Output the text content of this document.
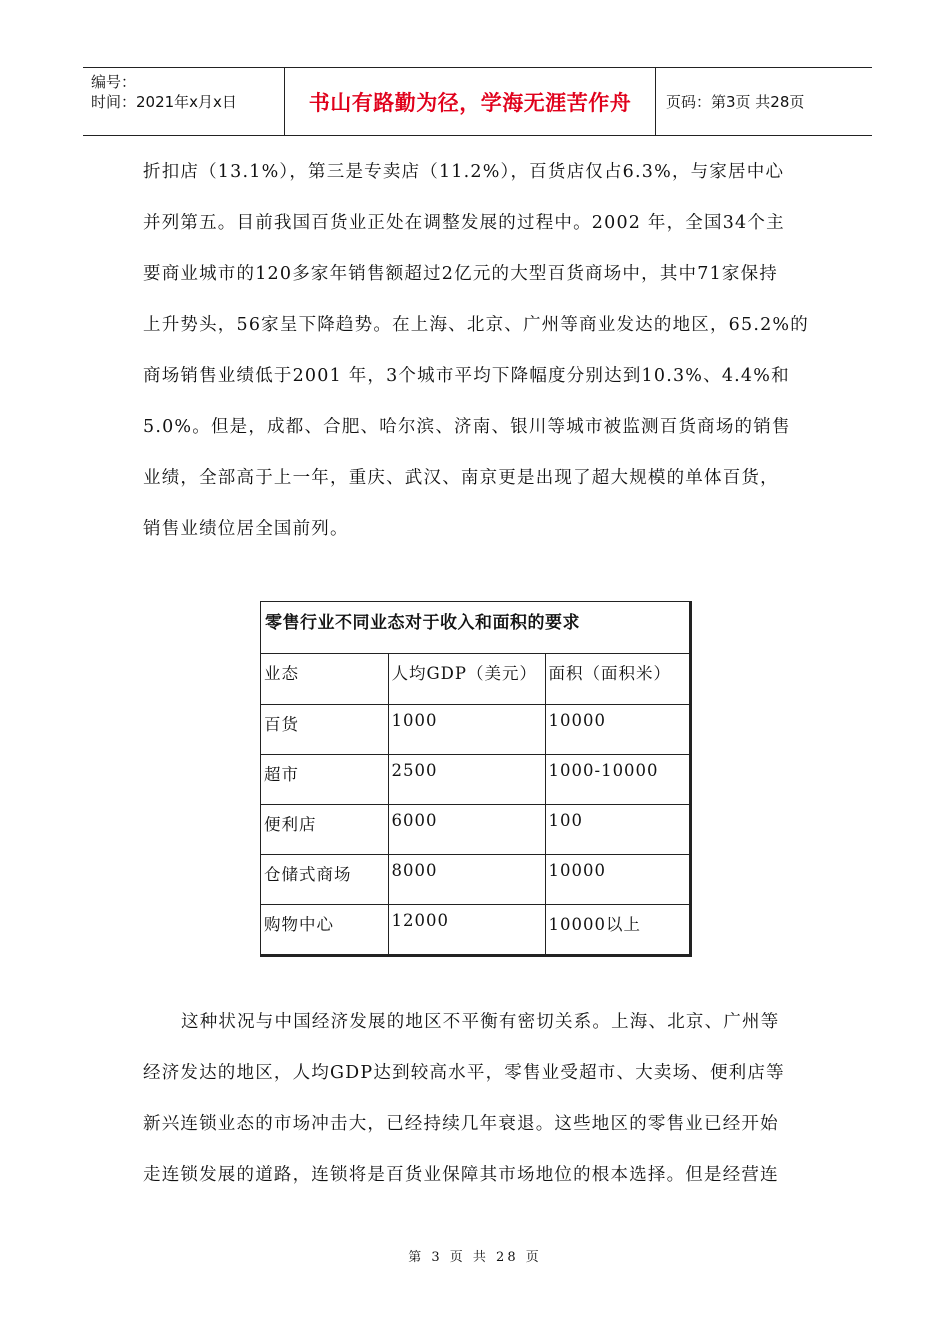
编号：
时间：2021年x月x日	书山有路勤为径，学海无涯苦作舟	页码：第3页 共28页
折扣店（13.1%），第三是专卖店（11.2%），百货店仅占6.3%，与家居中心
并列第五。目前我国百货业正处在调整发展的过程中。2002 年，全国34个主
要商业城市的120多家年销售额超过2亿元的大型百货商场中，其中71家保持
上升势头，56家呈下降趋势。在上海、北京、广州等商业发达的地区，65.2%的
商场销售业绩低于2001 年，3个城市平均下降幅度分别达到10.3%、4.4%和
5.0%。但是，成都、合肥、哈尔滨、济南、银川等城市被监测百货商场的销售
业绩，全部高于上一年，重庆、武汉、南京更是出现了超大规模的单体百货，
销售业绩位居全国前列。
零售行业不同业态对于收入和面积的要求
业态	人均GDP（美元）	面积（面积米）
百货	1000	10000
超市	2500	1000-10000
便利店	6000	100
仓储式商场	8000	10000
购物中心	12000	10000以上
这种状况与中国经济发展的地区不平衡有密切关系。上海、北京、广州等
经济发达的地区，人均GDP达到较高水平，零售业受超市、大卖场、便利店等
新兴连锁业态的市场冲击大，已经持续几年衰退。这些地区的零售业已经开始
走连锁发展的道路，连锁将是百货业保障其市场地位的根本选择。但是经营连
第 3 页 共 28 页
